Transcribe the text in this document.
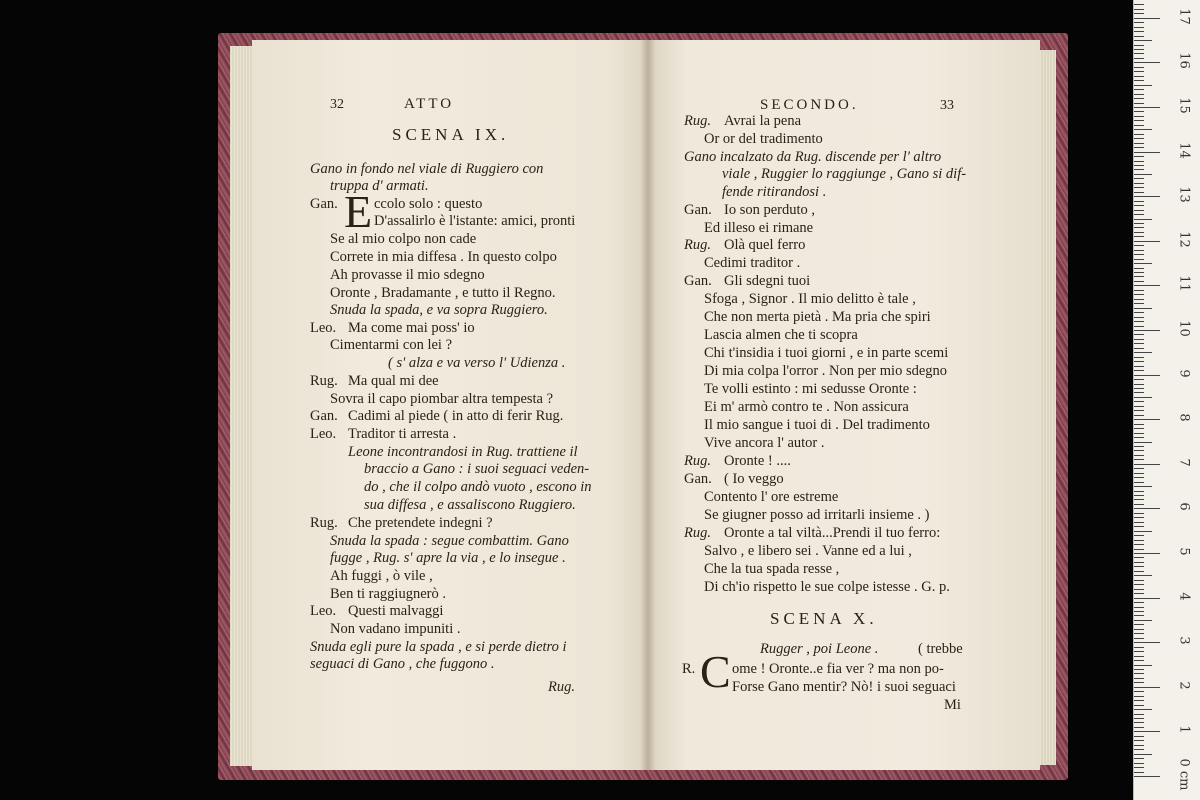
32	ATTO
SCENA IX.
Gano in fondo nel viale di Ruggiero con
truppa d' armati.
Gan. E ccolo solo : questo
D'assalirlo è l'istante: amici, pronti
Se al mio colpo non cade
Correte in mia diffesa . In questo colpo
Ah provasse il mio sdegno
Oronte , Bradamante , e tutto il Regno.
Snuda la spada, e va sopra Ruggiero.
Leo. Ma come mai poss' io
Cimentarmi con lei ?
( s' alza e va verso l' Udienza .
Rug. Ma qual mi dee
Sovra il capo piombar altra tempesta ?
Gan. Cadimi al piede ( in atto di ferir Rug.
Leo. Traditor ti arresta .
Leone incontrandosi in Rug. trattiene il
braccio a Gano : i suoi seguaci veden-
do , che il colpo andò vuoto , escono in
sua diffesa , e assaliscono Ruggiero.
Rug. Che pretendete indegni ?
Snuda la spada : segue combattim. Gano
fugge , Rug. s' apre la via , e lo insegue .
Ah fuggi , ò vile ,
Ben ti raggiugnerò .
Leo. Questi malvaggi
Non vadano impuniti .
Snuda egli pure la spada , e si perde dietro i
seguaci di Gano , che fuggono .
Rug.
SECONDO.	33
Rug. Avrai la pena
Or or del tradimento
Gano incalzato da Rug. discende per l' altro
viale , Ruggier lo raggiunge , Gano si dif-
fende ritirandosi .
Gan. Io son perduto ,
Ed illeso ei rimane
Rug. Olà quel ferro
Cedimi traditor .
Gan. Gli sdegni tuoi
Sfoga , Signor . Il mio delitto è tale ,
Che non merta pietà . Ma pria che spiri
Lascia almen che ti scopra
Chi t'insidia i tuoi giorni , e in parte scemi
Di mia colpa l'orror . Non per mio sdegno
Te volli estinto : mi sedusse Oronte :
Ei m' armò contro te . Non assicura
Il mio sangue i tuoi di . Del tradimento
Vive ancora l' autor .
Rug. Oronte ! ....
Gan. ( Io veggo
Contento l' ore estreme
Se giugner posso ad irritarli insieme . )
Rug. Oronte a tal viltà...Prendi il tuo ferro:
Salvo , e libero sei . Vanne ed a lui ,
Che la tua spada resse ,
Di ch'io rispetto le sue colpe istesse . G. p.
SCENA X.
Rugger , poi Leone .	( trebbe
R. C ome ! Oronte..e fia ver ? ma non po-
Forse Gano mentir? Nò! i suoi seguaci
Mi
0 cm
1
2
3
4
5
6
7
8
9
10
11
12
13
14
15
16
17
